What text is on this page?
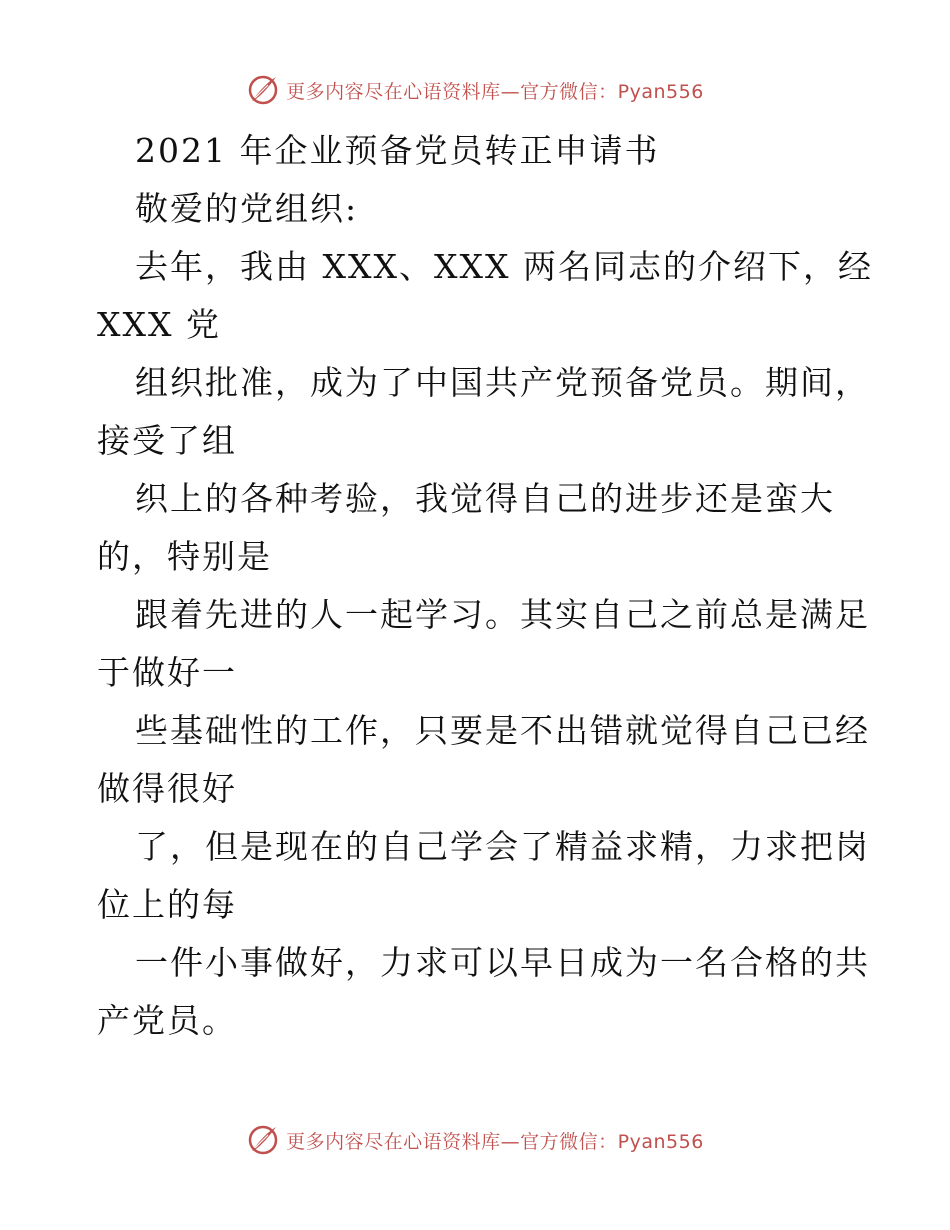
更多内容尽在心语资料库—官方微信：Pyan556
2021 年企业预备党员转正申请书
敬爱的党组织:
去年，我由 XXX、XXX 两名同志的介绍下，经
XXX 党
组织批准，成为了中国共产党预备党员。期间，
接受了组
织上的各种考验，我觉得自己的进步还是蛮大
的，特别是
跟着先进的人一起学习。其实自己之前总是满足
于做好一
些基础性的工作，只要是不出错就觉得自己已经
做得很好
了，但是现在的自己学会了精益求精，力求把岗
位上的每
一件小事做好，力求可以早日成为一名合格的共
产党员。
更多内容尽在心语资料库—官方微信：Pyan556
